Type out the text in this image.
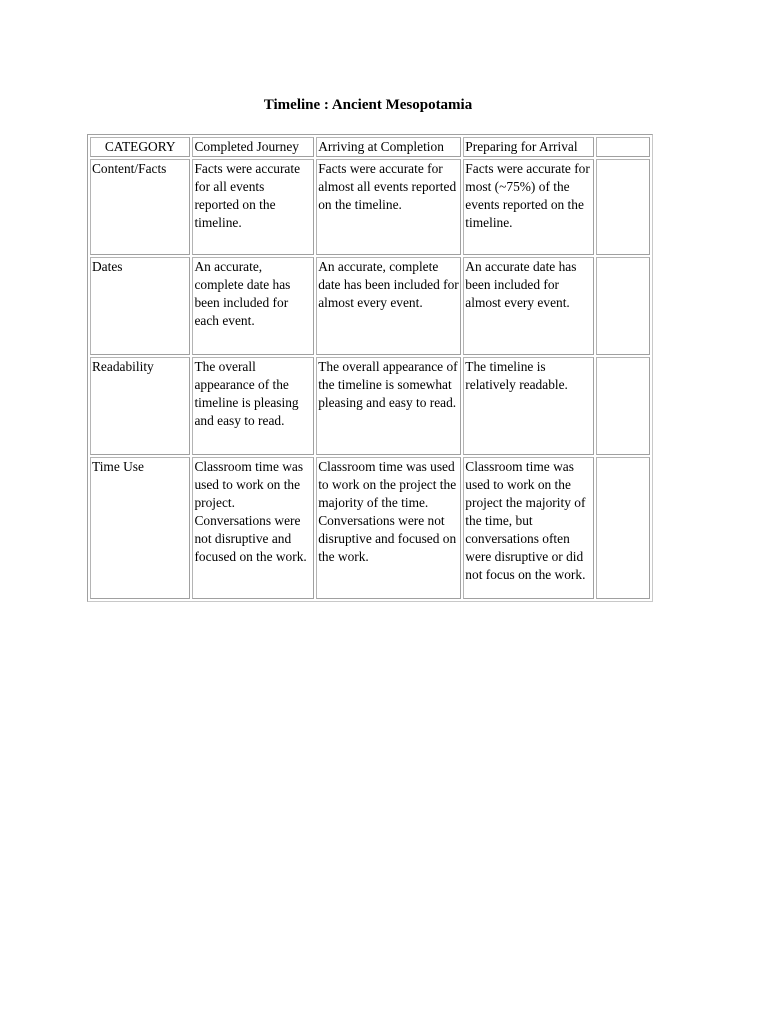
Timeline : Ancient Mesopotamia
CATEGORY	Completed Journey	Arriving at Completion	Preparing for Arrival	
Content/Facts	Facts were accurate for all events reported on the timeline.	Facts were accurate for almost all events reported on the timeline.	Facts were accurate for most (~75%) of the events reported on the timeline.	
Dates	An accurate, complete date has been included for each event.	An accurate, complete date has been included for almost every event.	An accurate date has been included for almost every event.	
Readability	The overall appearance of the timeline is pleasing and easy to read.	The overall appearance of the timeline is somewhat pleasing and easy to read.	The timeline is relatively readable.	
Time Use	Classroom time was used to work on the project. Conversations were not disruptive and focused on the work.	Classroom time was used to work on the project the majority of the time. Conversations were not disruptive and focused on the work.	Classroom time was used to work on the project the majority of the time, but conversations often were disruptive or did not focus on the work.	
